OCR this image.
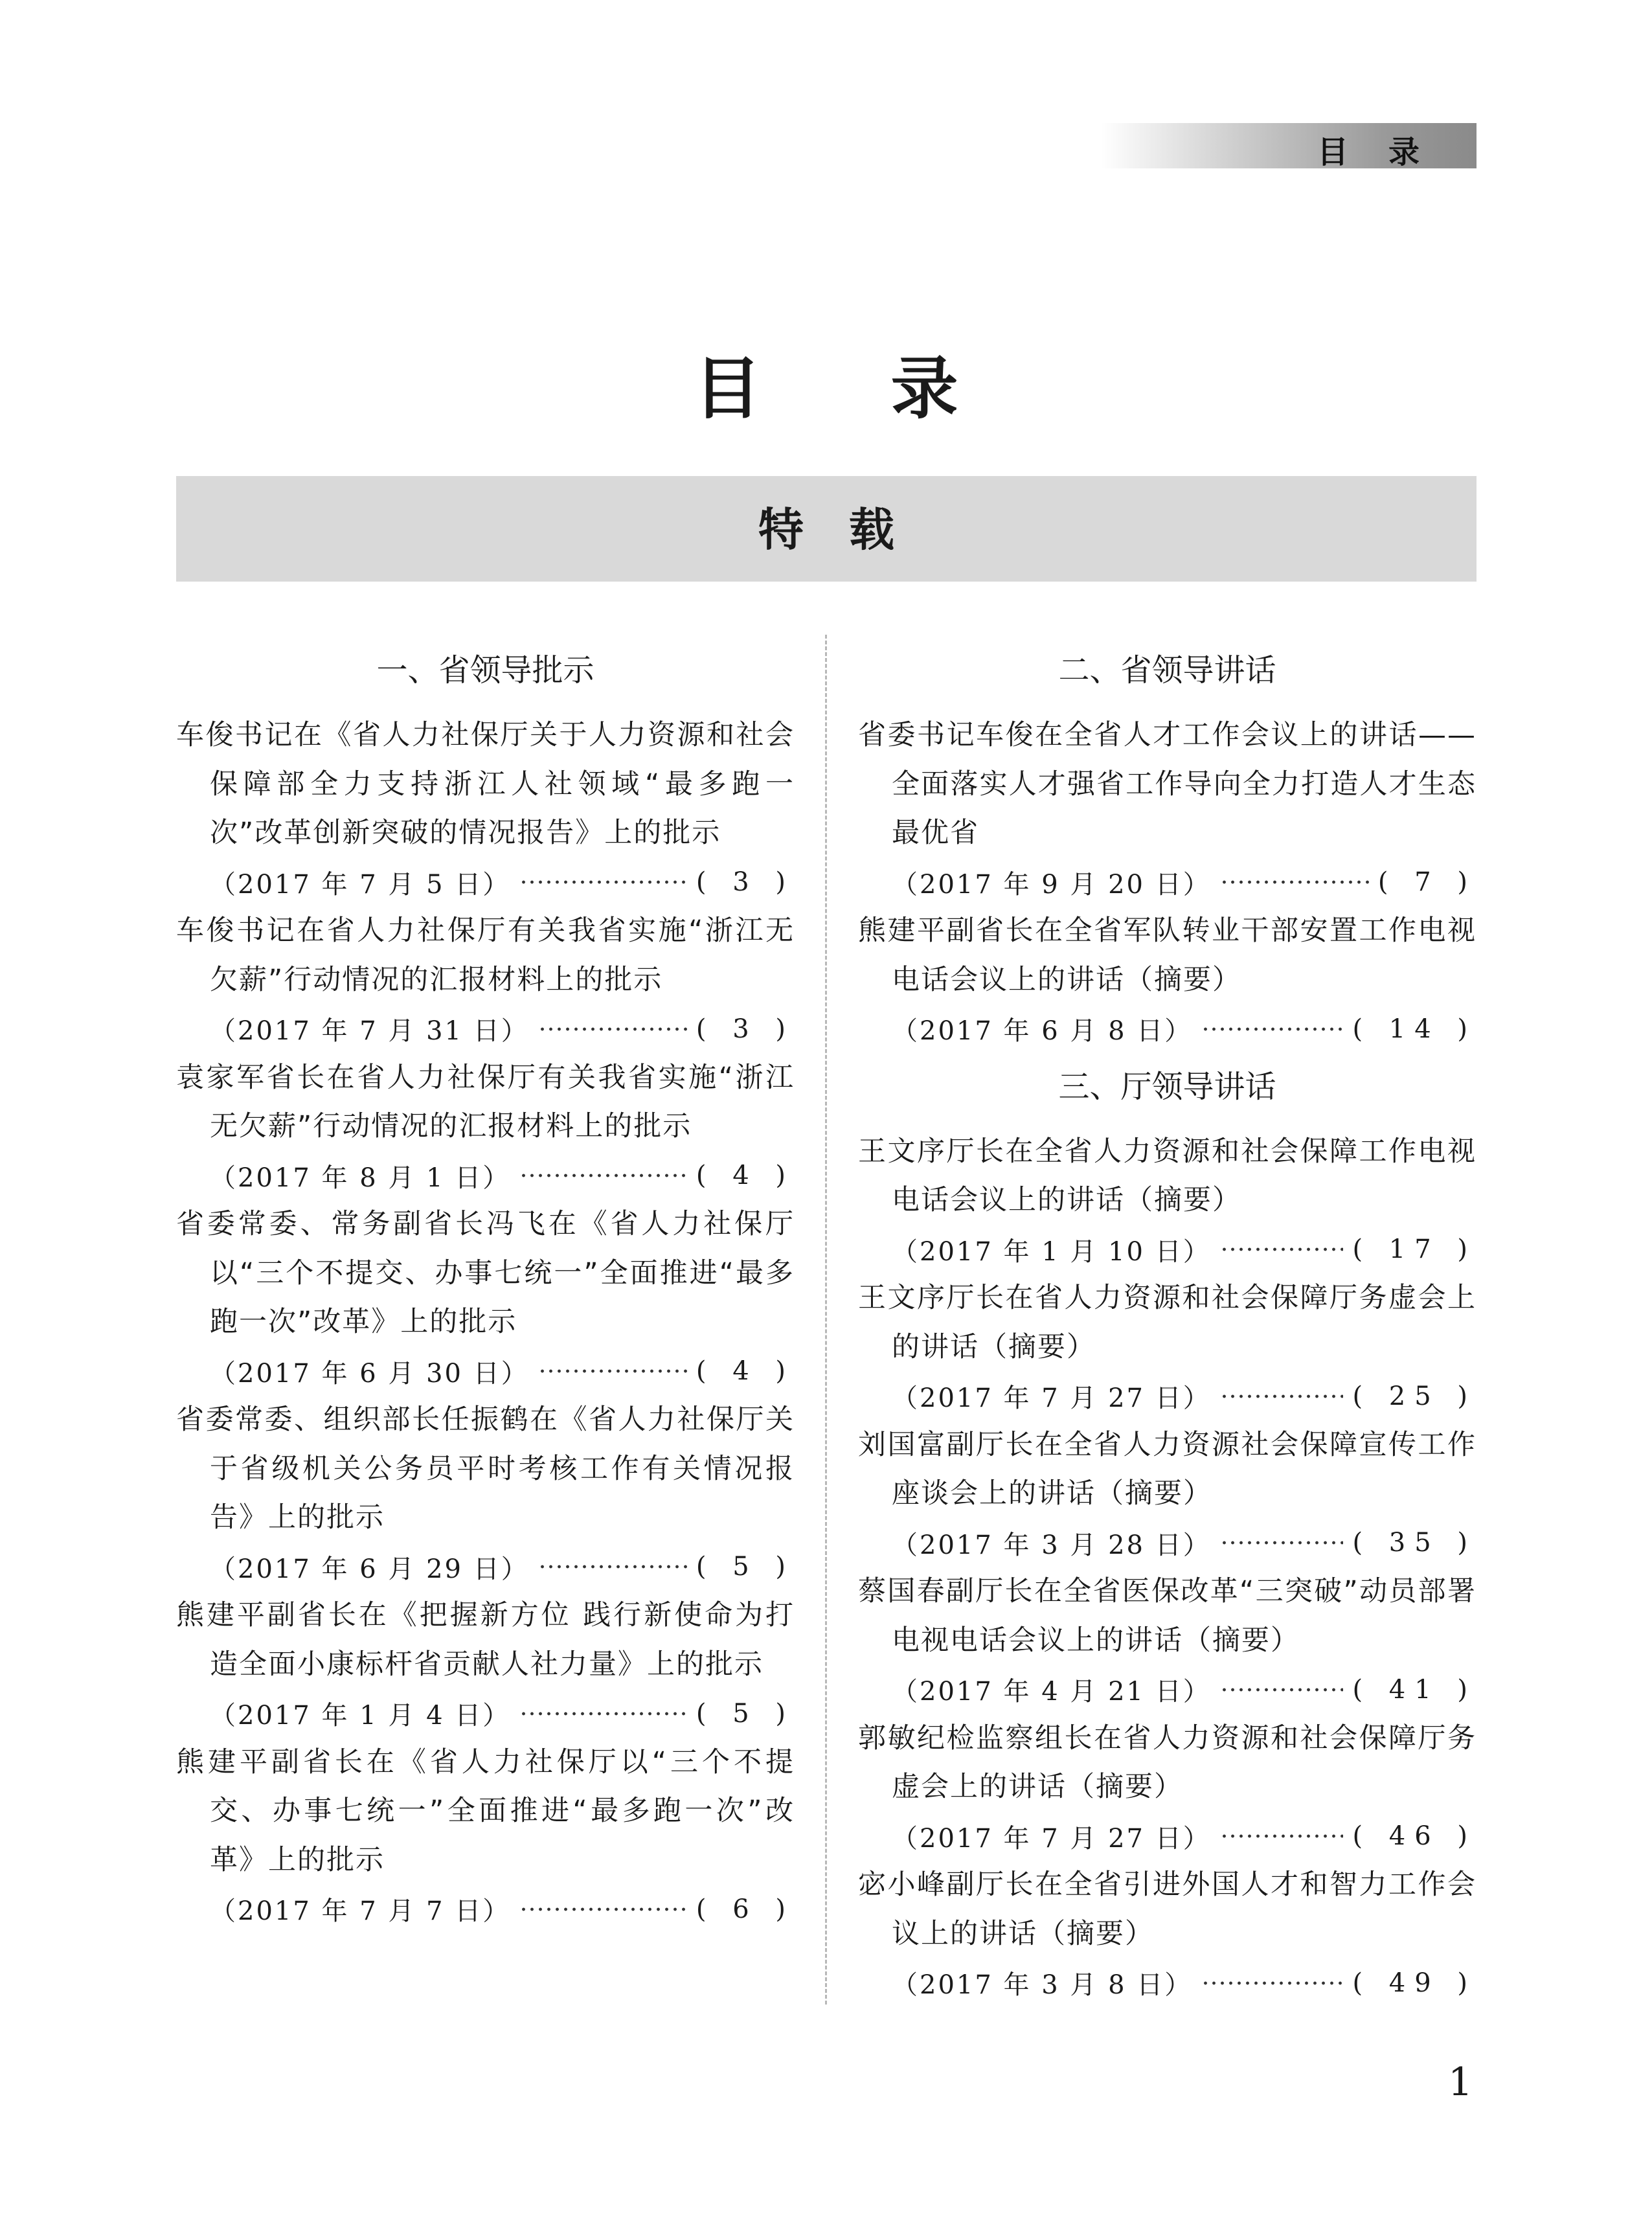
目录
目录
特载
一、省领导批示
车俊书记在《省人力社保厅关于人力资源和社会保障部全力支持浙江人社领域“最多跑一次”改革创新突破的情况报告》上的批示
（2017 年 7 月 5 日）	( 3 )
车俊书记在省人力社保厅有关我省实施“浙江无欠薪”行动情况的汇报材料上的批示
（2017 年 7 月 31 日）	( 3 )
袁家军省长在省人力社保厅有关我省实施“浙江无欠薪”行动情况的汇报材料上的批示
（2017 年 8 月 1 日）	( 4 )
省委常委、常务副省长冯飞在《省人力社保厅以“三个不提交、办事七统一”全面推进“最多跑一次”改革》上的批示
（2017 年 6 月 30 日）	( 4 )
省委常委、组织部长任振鹤在《省人力社保厅关于省级机关公务员平时考核工作有关情况报告》上的批示
（2017 年 6 月 29 日）	( 5 )
熊建平副省长在《把握新方位 践行新使命为打造全面小康标杆省贡献人社力量》上的批示
（2017 年 1 月 4 日）	( 5 )
熊建平副省长在《省人力社保厅以“三个不提交、办事七统一”全面推进“最多跑一次”改革》上的批示
（2017 年 7 月 7 日）	( 6 )
二、省领导讲话
省委书记车俊在全省人才工作会议上的讲话——全面落实人才强省工作导向全力打造人才生态最优省
（2017 年 9 月 20 日）	( 7 )
熊建平副省长在全省军队转业干部安置工作电视电话会议上的讲话（摘要）
（2017 年 6 月 8 日）	( 14 )
三、厅领导讲话
王文序厅长在全省人力资源和社会保障工作电视电话会议上的讲话（摘要）
（2017 年 1 月 10 日）	( 17 )
王文序厅长在省人力资源和社会保障厅务虚会上的讲话（摘要）
（2017 年 7 月 27 日）	( 25 )
刘国富副厅长在全省人力资源社会保障宣传工作座谈会上的讲话（摘要）
（2017 年 3 月 28 日）	( 35 )
蔡国春副厅长在全省医保改革“三突破”动员部署电视电话会议上的讲话（摘要）
（2017 年 4 月 21 日）	( 41 )
郭敏纪检监察组长在省人力资源和社会保障厅务虚会上的讲话（摘要）
（2017 年 7 月 27 日）	( 46 )
宓小峰副厅长在全省引进外国人才和智力工作会议上的讲话（摘要）
（2017 年 3 月 8 日）	( 49 )
1
